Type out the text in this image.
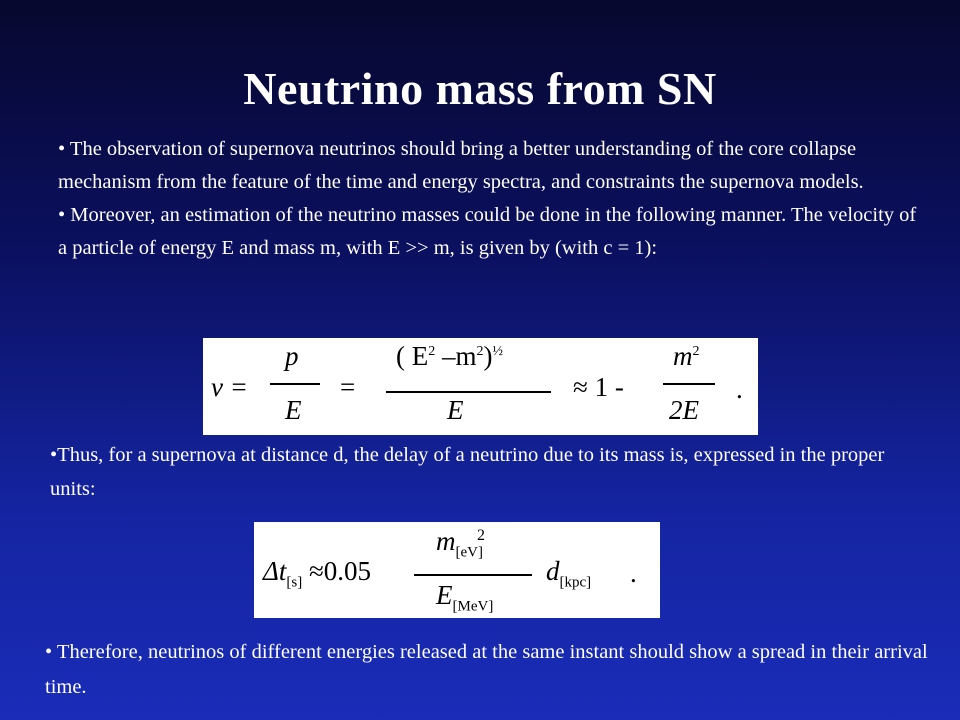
Neutrino mass from SN
• The observation of supernova neutrinos should bring a better understanding of the core collapse mechanism from the feature of the time and energy spectra, and constraints the supernova models.
• Moreover, an estimation of the neutrino masses could be done in the following manner. The velocity of a particle of energy E and mass m, with E >> m, is given by (with c = 1):
v =
p
E
=
( $E^2$ $-m^2)^{\frac{1}{2}}$
E
≈ 1 -
$m^2$
2E
.
•Thus, for a supernova at distance d, the delay of a neutrino due to its mass is, expressed in the proper units:
$\Delta t_{[s]} \approx 0.05$
$m_{[eV]}^2$
$E_{[MeV]}$
$d_{[kpc]}$ .
• Therefore, neutrinos of different energies released at the same instant should show a spread in their arrival time.
